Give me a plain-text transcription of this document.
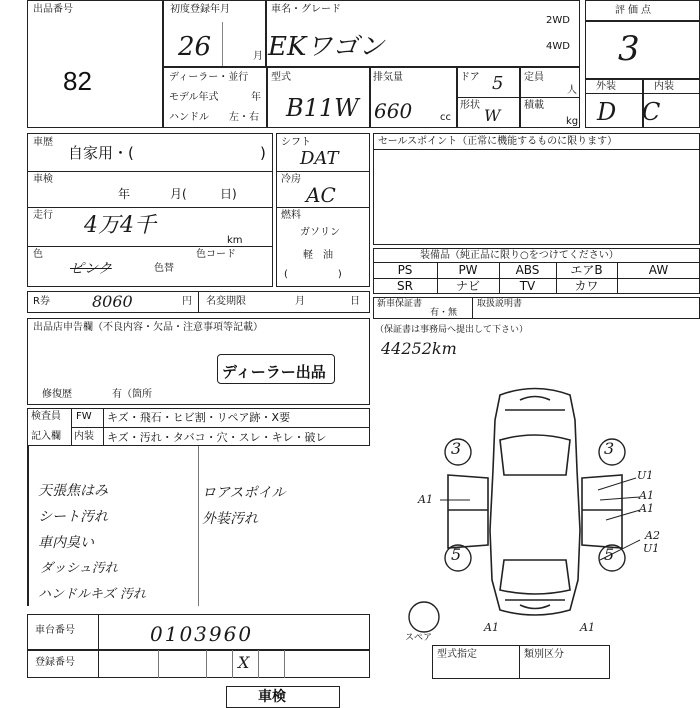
出品番号
82
初度登録年月
26	月
車名・グレード
EKワゴン
2WD
4WD
ディーラー・並行
モデル年式	年
ハンドル 左・右
型式
B11W
排気量
660	cc
ドア 5 定員
人
形状
W
積載
kg
評価点
3
外装	内装
D C
車歴
自家用・(	)
車検
年	月(	日)
走行 4万4千
km
色
ピンク	色替
色コード
シフト
DAT
冷房
AC
燃料
ガソリン
軽　油
(　　　　　)
セールスポイント（正常に機能するものに限ります）
装備品（純正品に限り○をつけてください）
PS	PW	ABS	エアB	AW
SR	ナビ	TV	カワ
R券	8060	円 名変期限	月	日 新車保証書
有・無
取扱説明書
（保証書は事務局へ提出して下さい）
44252km
出品店申告欄（不良内容・欠品・注意事項等記載）
ディーラー出品
修復歴	有（箇所
検査員
記入欄
FW キズ・飛石・ヒビ割・リペア跡・X要
内装 キズ・汚れ・タバコ・穴・スレ・キレ・破レ
天張焦はみ
シート汚れ
車内臭い
ダッシュ汚れ
ハンドルキズ 汚れ
ロアスポイル
外装汚れ
3	3
5	5
U1
A1
A1
A1
A2
U1
A1	A1
スペア
車台番号	0103960
登録番号	X	型式指定	類別区分
車検
